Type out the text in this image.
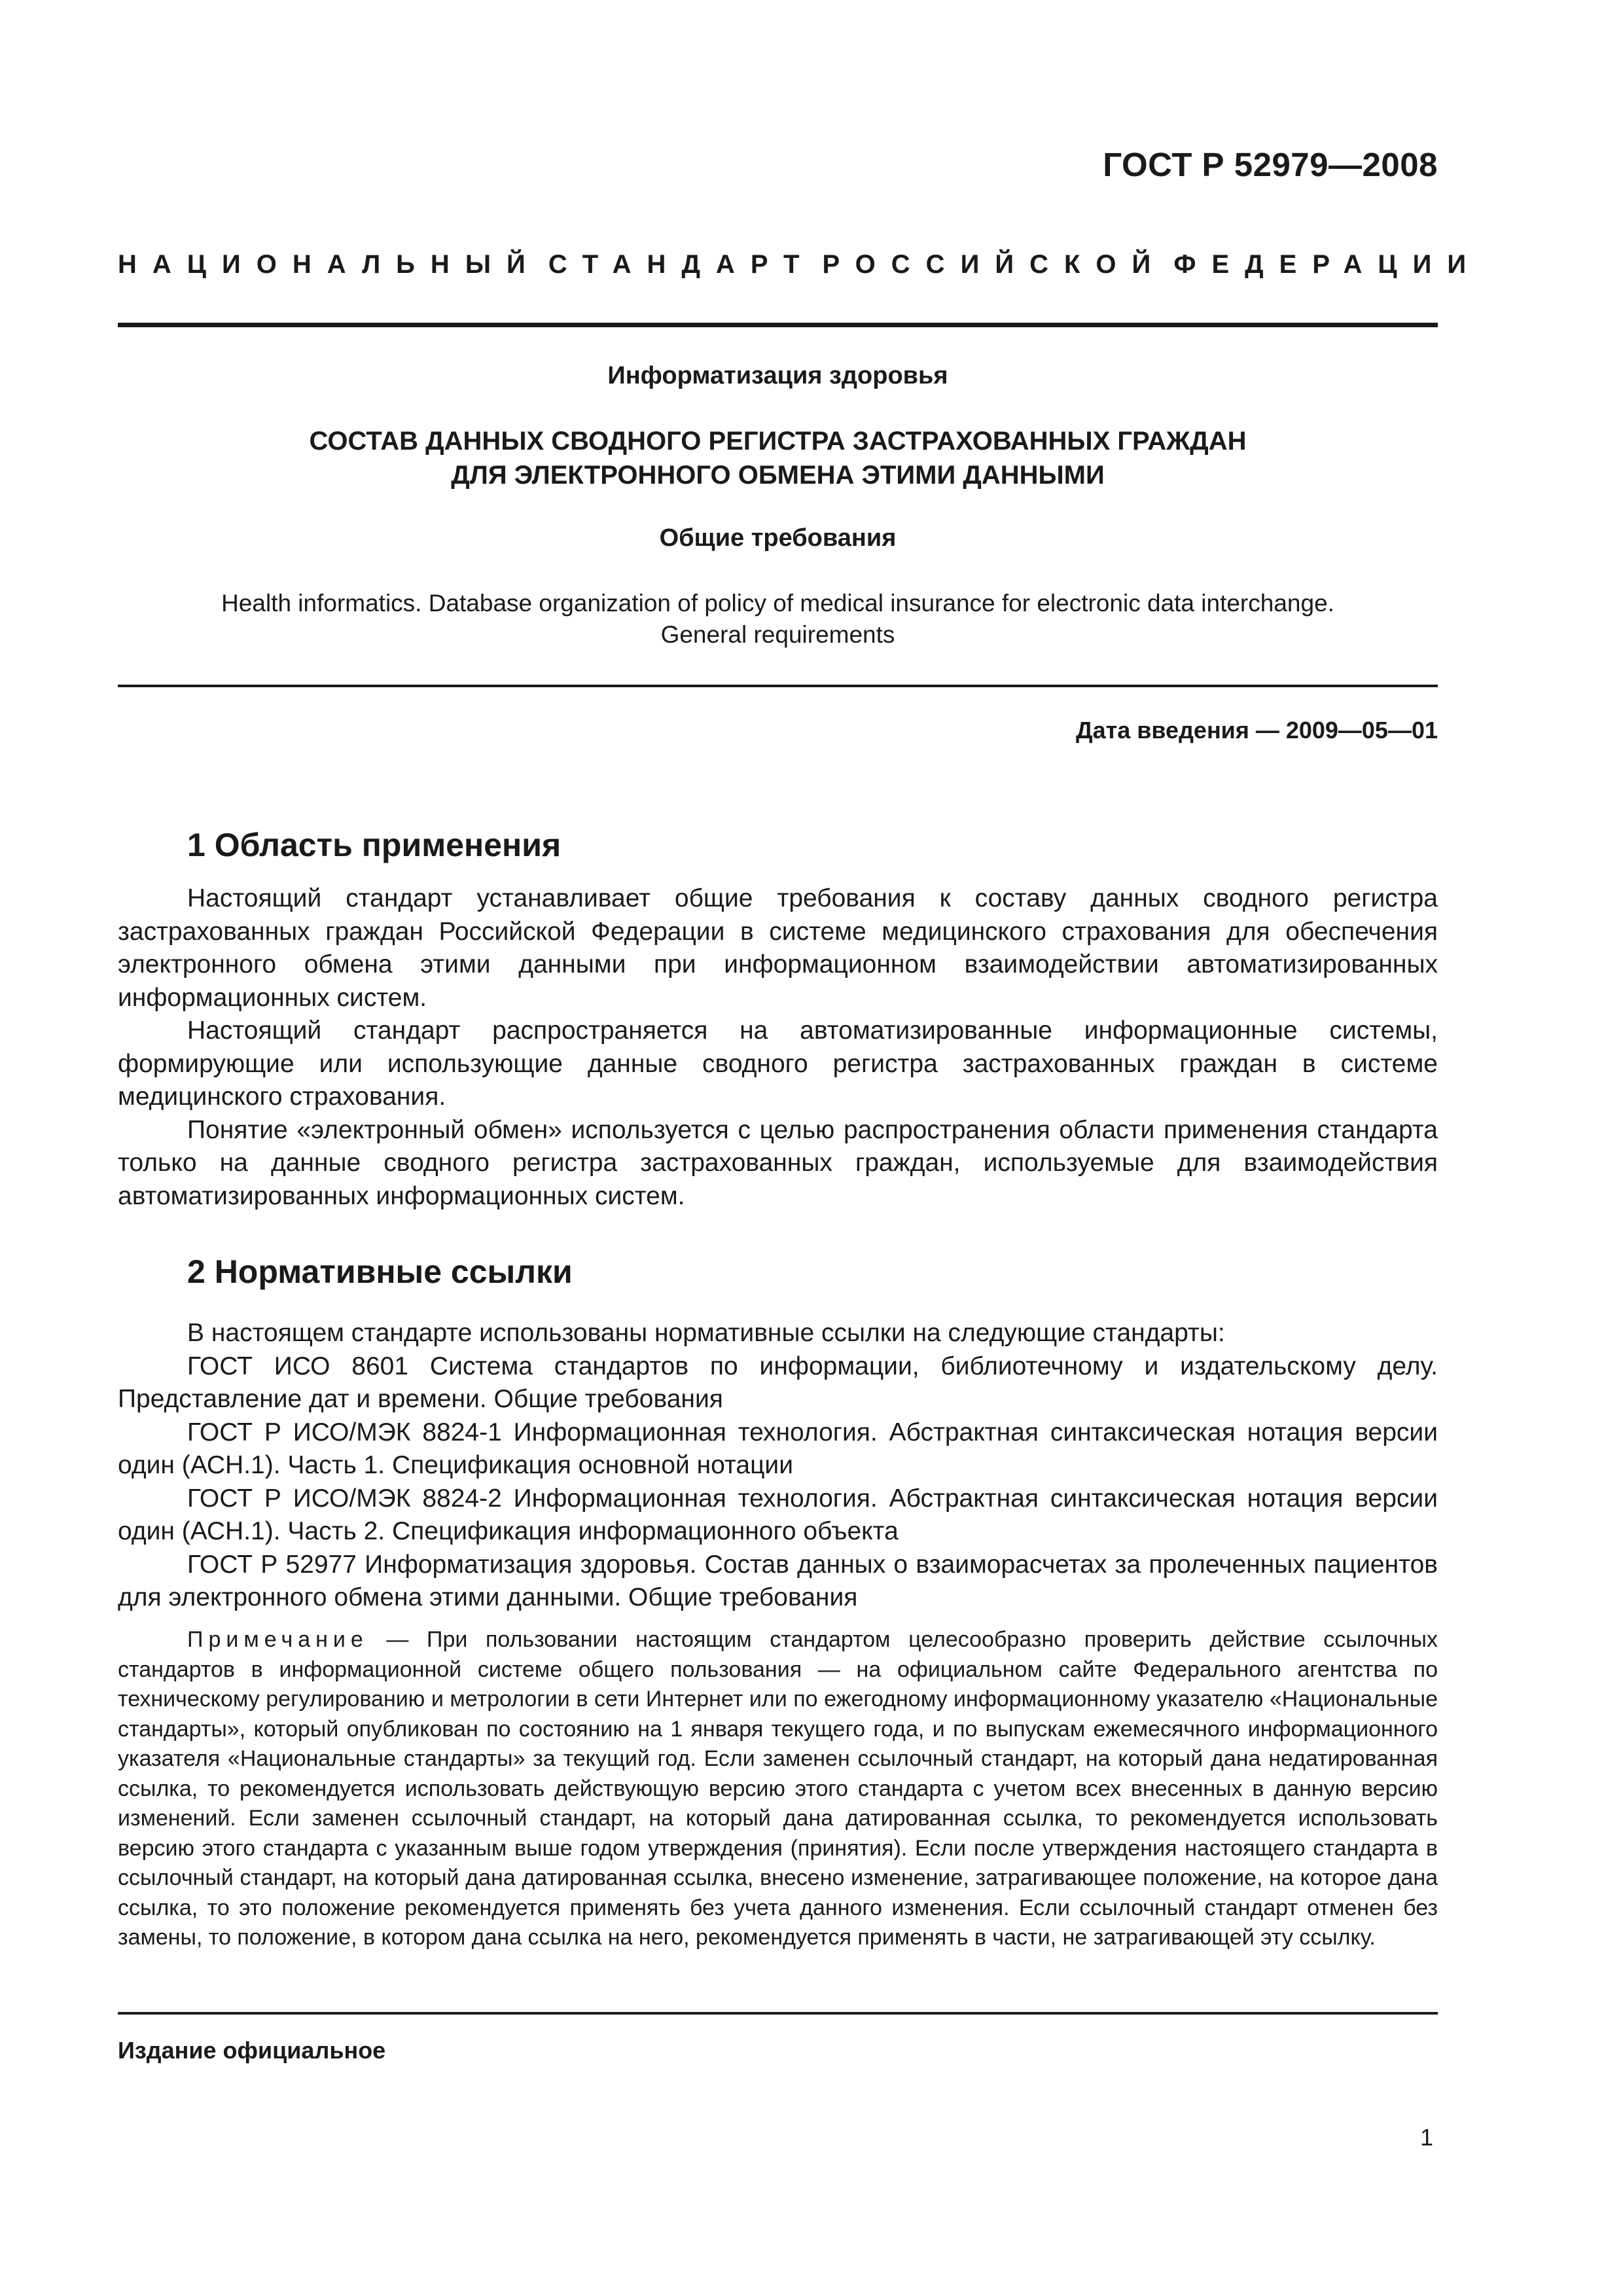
ГОСТ Р 52979—2008
НАЦИОНАЛЬНЫЙ СТАНДАРТ РОССИЙСКОЙ ФЕДЕРАЦИИ
Информатизация здоровья
СОСТАВ ДАННЫХ СВОДНОГО РЕГИСТРА ЗАСТРАХОВАННЫХ ГРАЖДАН
ДЛЯ ЭЛЕКТРОННОГО ОБМЕНА ЭТИМИ ДАННЫМИ
Общие требования
Health informatics. Database organization of policy of medical insurance for electronic data interchange.
General requirements
Дата введения — 2009—05—01
1 Область применения

Настоящий стандарт устанавливает общие требования к составу данных сводного регистра застрахованных граждан Российской Федерации в системе медицинского страхования для обеспечения электронного обмена этими данными при информационном взаимодействии автоматизированных информационных систем.

Настоящий стандарт распространяется на автоматизированные информационные системы, формирующие или использующие данные сводного регистра застрахованных граждан в системе медицинского страхования.

Понятие «электронный обмен» используется с целью распространения области применения стандарта только на данные сводного регистра застрахованных граждан, используемые для взаимодействия автоматизированных информационных систем.

2 Нормативные ссылки

В настоящем стандарте использованы нормативные ссылки на следующие стандарты:

ГОСТ ИСО 8601 Система стандартов по информации, библиотечному и издательскому делу. Представление дат и времени. Общие требования

ГОСТ Р ИСО/МЭК 8824-1 Информационная технология. Абстрактная синтаксическая нотация версии один (АСН.1). Часть 1. Спецификация основной нотации

ГОСТ Р ИСО/МЭК 8824-2 Информационная технология. Абстрактная синтаксическая нотация версии один (АСН.1). Часть 2. Спецификация информационного объекта

ГОСТ Р 52977 Информатизация здоровья. Состав данных о взаиморасчетах за пролеченных пациентов для электронного обмена этими данными. Общие требования

Примечание — При пользовании настоящим стандартом целесообразно проверить действие ссылочных стандартов в информационной системе общего пользования — на официальном сайте Федерального агентства по техническому регулированию и метрологии в сети Интернет или по ежегодному информационному указателю «Национальные стандарты», который опубликован по состоянию на 1 января текущего года, и по выпускам ежемесячного информационного указателя «Национальные стандарты» за текущий год. Если заменен ссылочный стандарт, на который дана недатированная ссылка, то рекомендуется использовать действующую версию этого стандарта с учетом всех внесенных в данную версию изменений. Если заменен ссылочный стандарт, на который дана датированная ссылка, то рекомендуется использовать версию этого стандарта с указанным выше годом утверждения (принятия). Если после утверждения настоящего стандарта в ссылочный стандарт, на который дана датированная ссылка, внесено изменение, затрагивающее положение, на которое дана ссылка, то это положение рекомендуется применять без учета данного изменения. Если ссылочный стандарт отменен без замены, то положение, в котором дана ссылка на него, рекомендуется применять в части, не затрагивающей эту ссылку.

Издание официальное
1
